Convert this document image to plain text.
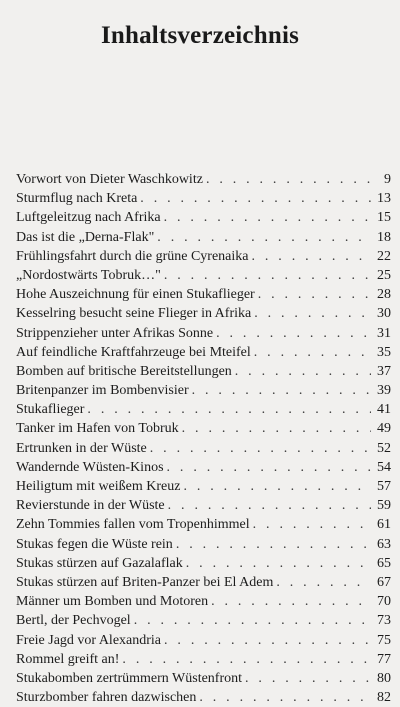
Inhaltsverzeichnis
Vorwort von Dieter Waschkowitz . . .	9
Sturmflug nach Kreta . . .	13
Luftgeleitzug nach Afrika . . .	15
Das ist die „Derna-Flak" . . .	18
Frühlingsfahrt durch die grüne Cyrenaika . . .	22
„Nordostwärts Tobruk…" . . .	25
Hohe Auszeichnung für einen Stukaflieger . . .	28
Kesselring besucht seine Flieger in Afrika . . .	30
Strippenzieher unter Afrikas Sonne . . .	31
Auf feindliche Kraftfahrzeuge bei Mteifel . . .	35
Bomben auf britische Bereitstellungen . . .	37
Britenpanzer im Bombenvisier . . .	39
Stukaflieger . . .	41
Tanker im Hafen von Tobruk . . .	49
Ertrunken in der Wüste . . .	52
Wandernde Wüsten-Kinos . . .	54
Heiligtum mit weißem Kreuz . . .	57
Revierstunde in der Wüste . . .	59
Zehn Tommies fallen vom Tropenhimmel . . .	61
Stukas fegen die Wüste rein . . .	63
Stukas stürzen auf Gazalaflak . . .	65
Stukas stürzen auf Briten-Panzer bei El Adem . . .	67
Männer um Bomben und Motoren . . .	70
Bertl, der Pechvogel . . .	73
Freie Jagd vor Alexandria . . .	75
Rommel greift an! . . .	77
Stukabomben zertrümmern Wüstenfront . . .	80
Sturzbomber fahren dazwischen . . .	82
